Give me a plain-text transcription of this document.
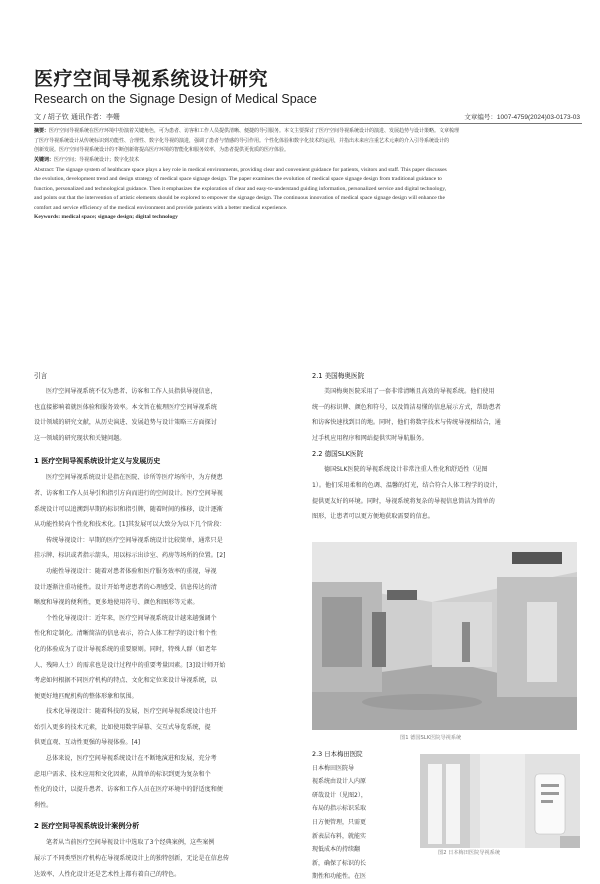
医疗空间导视系统设计研究
Research on the Signage Design of Medical Space
文 / 胡子钦 通讯作者：李姗	文章编号：1007-4759(2024)03-0173-03
摘要：医疗空间导视系统在医疗环境中扮演着关键角色，可为患者、访客和工作人员提供清晰、便捷的导引服务。本文主要探讨了医疗空间导视系统设计的演进、发展趋势与设计策略。文章梳理
了医疗导视系统设计从传统标识到功能性、合理性、数字化导视的演进，强调了患者与情感的导引作用。个性化体验和数字化技术的运用，并指出未来应注重艺术元素的介入引导系统设计的
创新发展。医疗空间导视系统设计的不断创新将提高医疗环境的智能化和服务效率，为患者提供更优质的医疗体验。
关键词：医疗空间；导视系统设计；数字化技术
Abstract: The signage system of healthcare space plays a key role in medical environments, providing clear and convenient guidance for patients, visitors and staff. This paper discusses
the evolution, development trend and design strategy of medical space signage design. The paper examines the evolution of medical space signage design from traditional guidance to
function, personalized and technological guidance. Then it emphasizes the exploration of clear and easy-to-understand guiding information, personalized service and digital technology,
and points out that the intervention of artistic elements should be explored to empower the signage design. The continuous innovation of medical space signage design will enhance the
comfort and service efficiency of the medical environment and provide patients with a better medical experience.
Keywords: medical space; signage design; digital technology
引言
医疗空间导视系统不仅为患者、访客和工作人员指供导视信息，
也直接影响着就医体验和服务效率。本文旨在梳理医疗空间导视系统
设计领域的研究文献，从历史演进、发展趋势与设计策略三方面探讨
这一领域的研究现状和关键问题。
1 医疗空间导视系统设计定义与发展历史
医疗空间导视系统设计是指在医院、诊所等医疗场所中，为方便患
者、访客和工作人员导引和指引方向而进行的空间设计。医疗空间导视
系统设计可以追溯到早期的标识和指引牌，随着时间的推移，设计逐渐
从功能性转向个性化和技术化。[1]其发展可以大致分为以下几个阶段：
传统导视设计：早期的医疗空间导视系统设计比较简单，通常只是
挂示牌、标识或者指示箭头，用以标示出诊室、药房等场所的位置。[2]
功能性导视设计：随着对患者体验和医疗服务效率的重视，导视
设计逐渐注重功能性。设计开始考虑患者的心理感受、信息传达的清
晰度和导视的便利性，更多地使用符号、颜色和图形等元素。
个性化导视设计：近年来，医疗空间导视系统设计越来越强调个
性化和定制化。清晰简洁的信息表示，符合人体工程学的设计和个性
化的体验成为了设计导视系统的重要原则。同时，特殊人群（如老年
人、残障人士）的需求也是设计过程中的重要考量因素。[3]设计师开始
考虑如何根据不同医疗机构的特点、文化和定位来设计导视系统，以
便更好地匹配机构的整体形象和氛围。
技术化导视设计：随着科技的发展，医疗空间导视系统设计也开
始引入更多的技术元素，比如使用数字屏幕、交互式导览系统，提
供更直观、互动性更强的导视体验。[4]
总体来说，医疗空间导视系统设计在不断地演进和发展，充分考
虑用户需求、技术应用和文化因素，从简单的标识到更为复杂和个
性化的设计，以提升患者、访客和工作人员在医疗环境中的舒适度和便
利性。
2 医疗空间导视系统设计案例分析
笔者从当前医疗空间导视设计中选取了3个经典案例，这些案例
展示了不同类型医疗机构在导视系统设计上的独特创新，无论是在信息传
达效率、人性化设计还是艺术性上都有着自己的特色。
2.1 美国梅奥医院
美国梅奥医院采用了一套非常清晰且高效的导视系统。他们使用
统一的标识牌、颜色和符号，以及简洁易懂的信息展示方式，帮助患者
和访客快速找到目的地。同时，他们将数字技术与传统导视相结合，通
过手机应用程序和网站提供实时导航服务。
2.2 德国SLK医院
德国SLK医院的导视系统设计非常注重人性化和舒适性（见图
1）。他们采用柔和的色调、温馨的灯光，结合符合人体工程学的设计，
提供更友好的环境。同时，导视系统将复杂的导视信息简洁为简单的
图形，让患者可以更方便地获取需要的信息。
图1 德国SLK医院导视系统
2.3 日本梅田医院
日本梅田医院导
视系统由设计人内原
研哉设计（见图2），
布局的指示标识采取
日方便管理，只需更
新表层布料，就能实
现低成本的持续翻
新，确保了标识的长
期性和功能性。在医
图2 日本梅田医院导视系统
